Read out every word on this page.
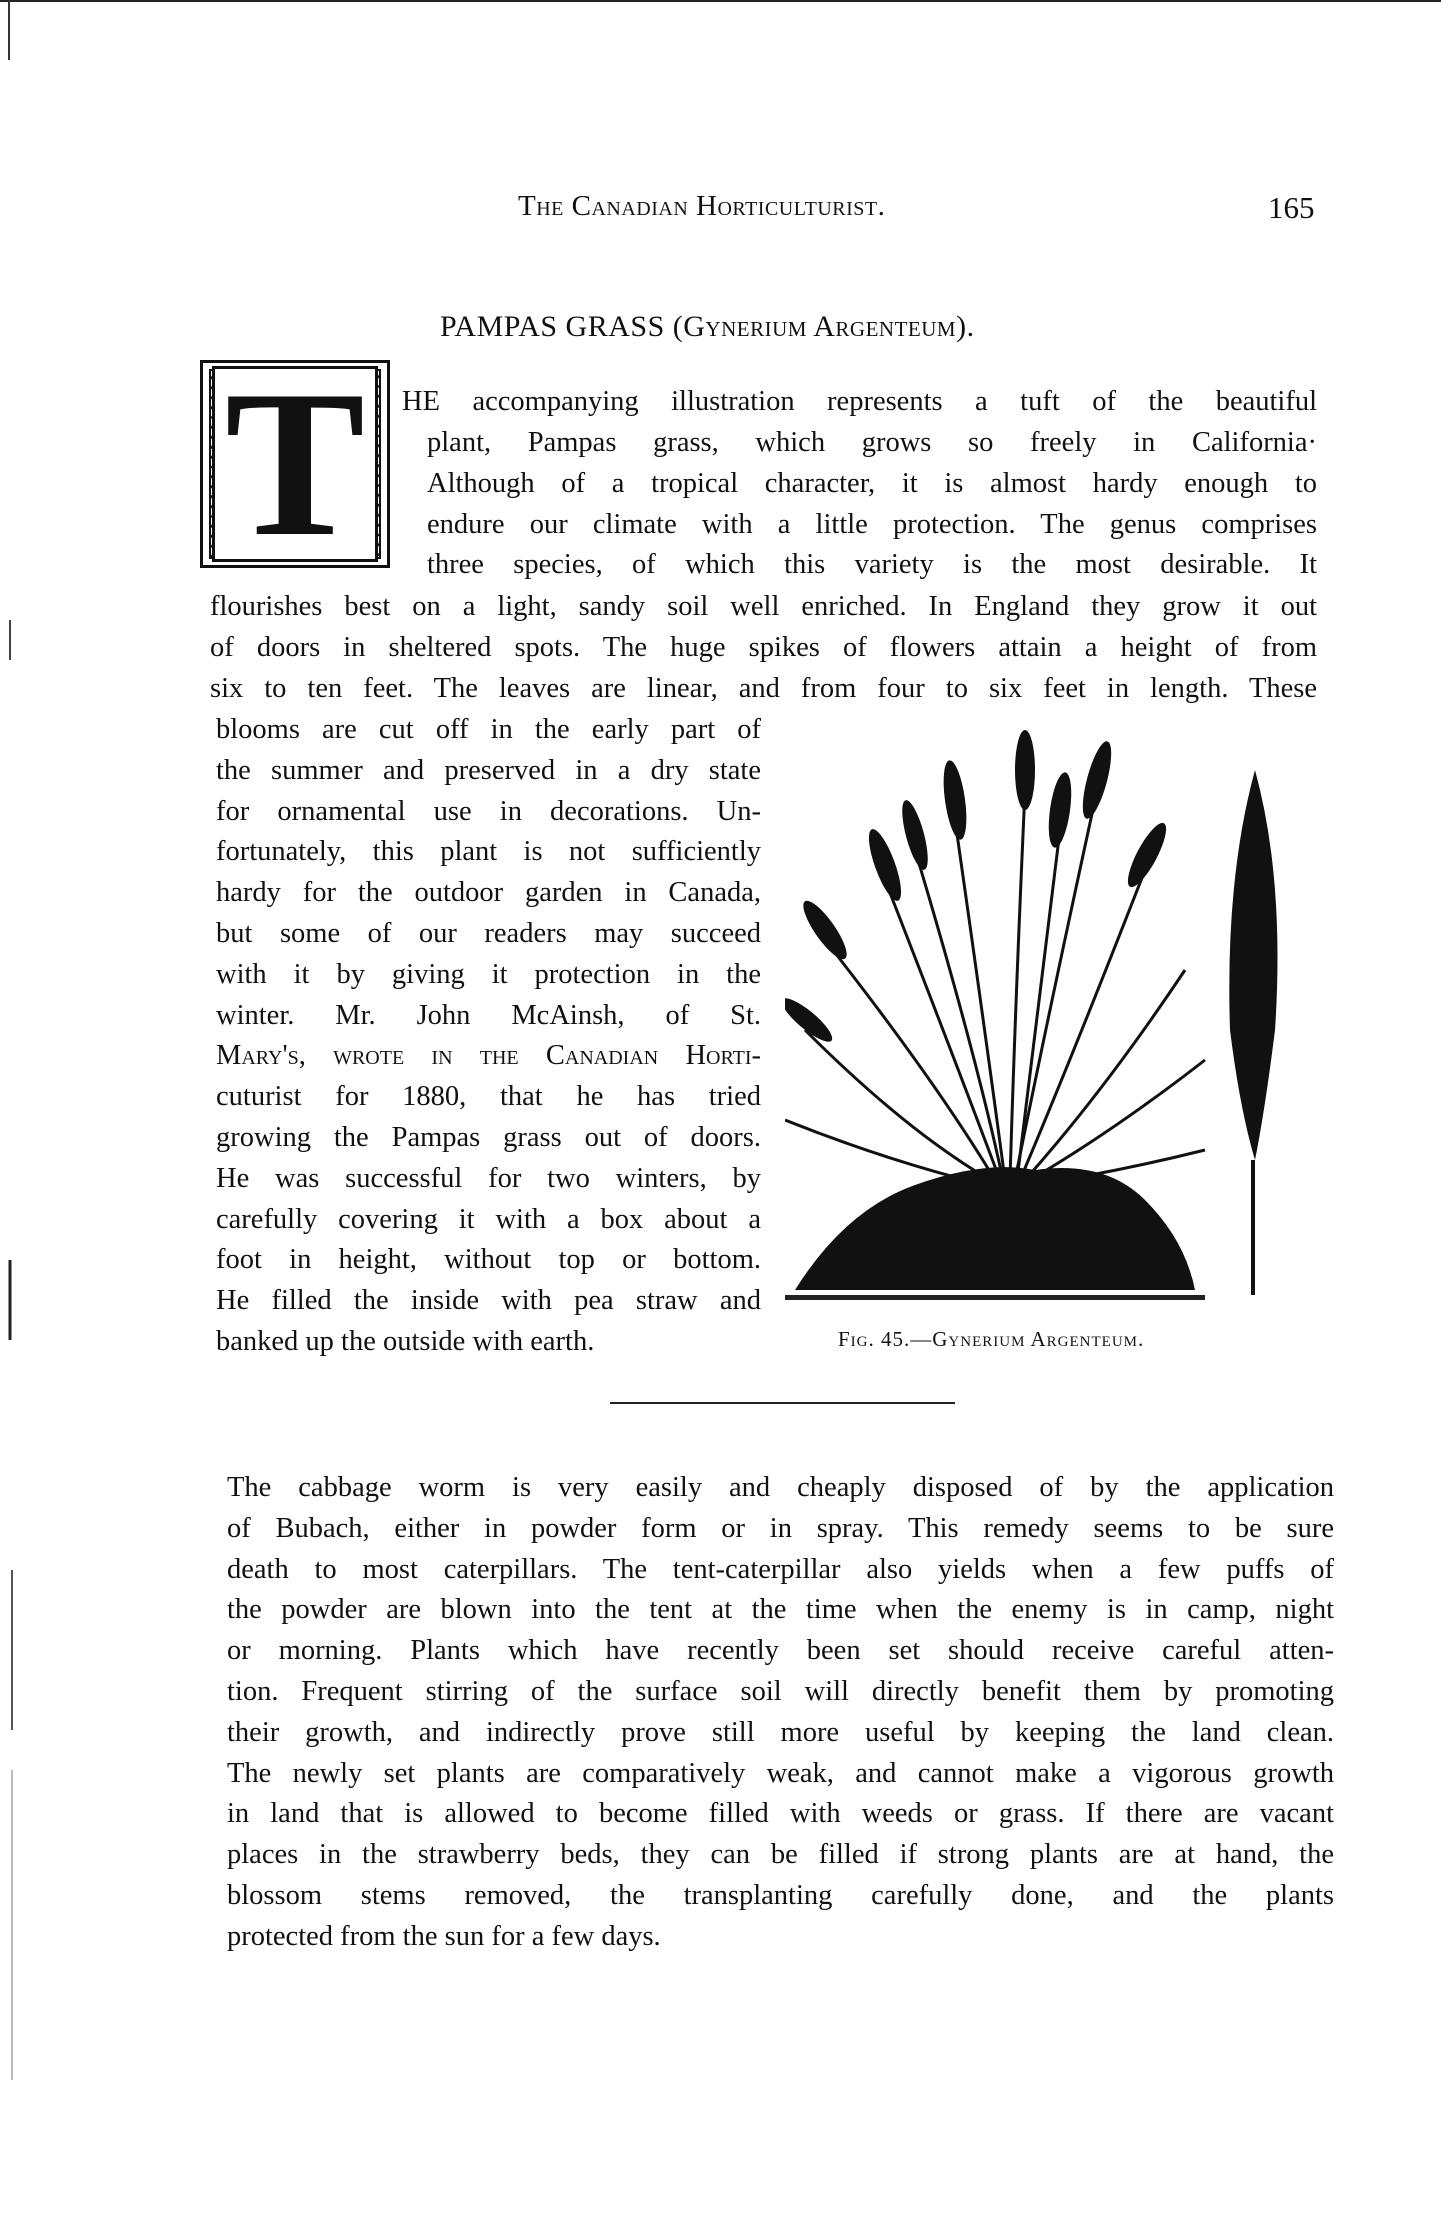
The Canadian Horticulturist.	165
PAMPAS GRASS (Gynerium Argenteum).
T	HE accompanying illustration represents a tuft of the beautiful
plant, Pampas grass, which grows so freely in California·
Although of a tropical character, it is almost hardy enough to
endure our climate with a little protection. The genus comprises
three species, of which this variety is the most desirable. It
flourishes best on a light, sandy soil well enriched. In England they grow it out
of doors in sheltered spots. The huge spikes of flowers attain a height of from
six to ten feet. The leaves are linear, and from four to six feet in length. These
blooms are cut off in the early part of
the summer and preserved in a dry state
for ornamental use in decorations. Un-
fortunately, this plant is not sufficiently
hardy for the outdoor garden in Canada,
but some of our readers may succeed
with it by giving it protection in the
winter. Mr. John McAinsh, of St.
Mary's, wrote in the Canadian Horti-
cuturist for 1880, that he has tried
growing the Pampas grass out of doors.
He was successful for two winters, by
carefully covering it with a box about a
foot in height, without top or bottom.
He filled the inside with pea straw and
banked up the outside with earth.	Fig. 45.—Gynerium Argenteum.
The cabbage worm is very easily and cheaply disposed of by the application
of Bubach, either in powder form or in spray. This remedy seems to be sure
death to most caterpillars. The tent-caterpillar also yields when a few puffs of
the powder are blown into the tent at the time when the enemy is in camp, night
or morning. Plants which have recently been set should receive careful atten-
tion. Frequent stirring of the surface soil will directly benefit them by promoting
their growth, and indirectly prove still more useful by keeping the land clean.
The newly set plants are comparatively weak, and cannot make a vigorous growth
in land that is allowed to become filled with weeds or grass. If there are vacant
places in the strawberry beds, they can be filled if strong plants are at hand, the
blossom stems removed, the transplanting carefully done, and the plants
protected from the sun for a few days.
